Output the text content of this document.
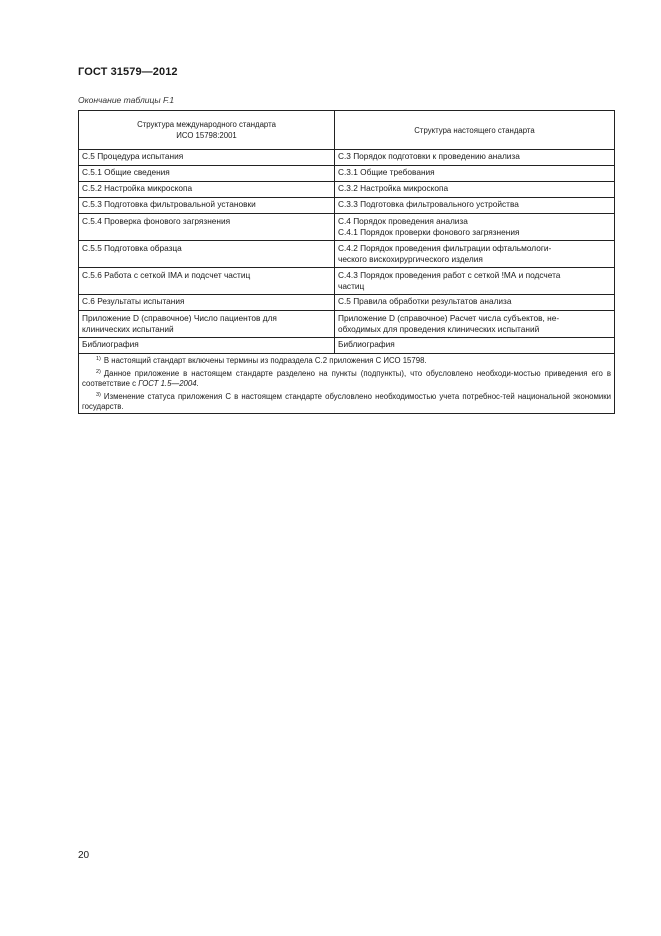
ГОСТ 31579—2012
Окончание таблицы F.1
Структура международного стандарта
ИСО 15798:2001	Структура настоящего стандарта

С.5 Процедура испытания	С.3 Порядок подготовки к проведению анализа

С.5.1 Общие сведения	С.3.1 Общие требования

С.5.2 Настройка микроскопа	С.3.2 Настройка микроскопа

С.5.3 Подготовка фильтровальной установки	С.3.3 Подготовка фильтровального устройства

С.5.4 Проверка фонового загрязнения	С.4 Порядок проведения анализа
С.4.1 Порядок проверки фонового загрязнения

С.5.5 Подготовка образца	С.4.2 Порядок проведения фильтрации офтальмологи-
ческого вискохирургического изделия

С.5.6 Работа с сеткой IMA и подсчет частиц	С.4.3 Порядок проведения работ с сеткой !МА и подсчета
частиц

С.6 Результаты испытания	С.5 Правила обработки результатов анализа

Приложение D (справочное) Число пациентов для
клинических испытаний	Приложение D (справочное) Расчет числа субъектов, не-
обходимых для проведения клинических испытаний

Библиография	Библиография

$^{1)}$ В настоящий стандарт включены термины из подраздела С.2 приложения С ИСО 15798.
$^{2)}$ Данное приложение в настоящем стандарте разделено на пункты (подпункты), что обусловлено необходи-мостью приведения его в соответствие с ГОСТ 1.5—2004.
$^{3)}$ Изменение статуса приложения С в настоящем стандарте обусловлено необходимостью учета потребнос-тей национальной экономики государств.	
20
